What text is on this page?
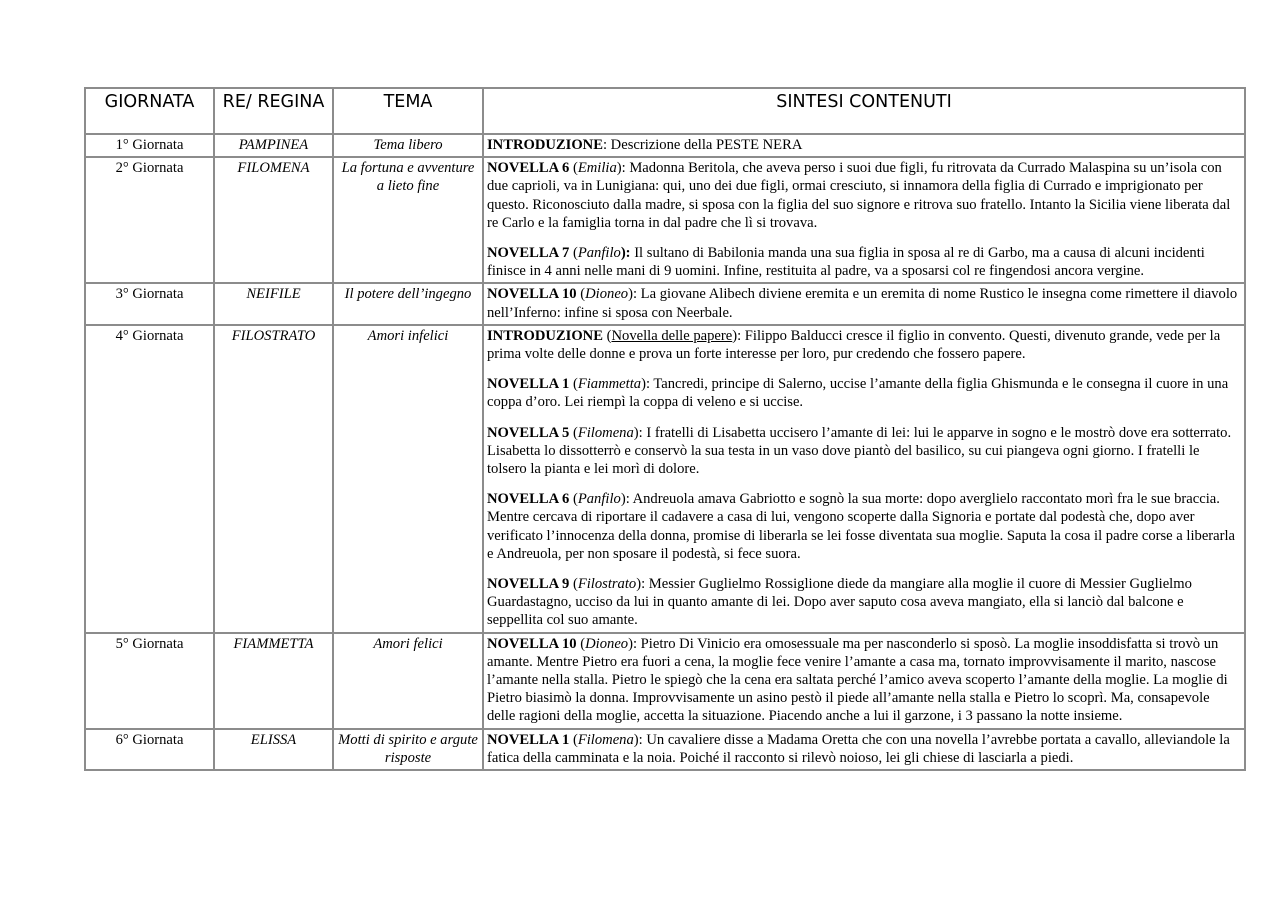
GIORNATA	RE/ REGINA	TEMA	SINTESI CONTENUTI
1° Giornata	PAMPINEA	Tema libero	INTRODUZIONE: Descrizione della PESTE NERA

2° Giornata	FILOMENA	La fortuna e avventure a lieto fine	NOVELLA 6 (Emilia): Madonna Beritola, che aveva perso i suoi due figli, fu ritrovata da Currado Malaspina su un’isola con due caprioli, va in Lunigiana: qui, uno dei due figli, ormai cresciuto, si innamora della figlia di Currado e imprigionato per questo. Riconosciuto dalla madre, si sposa con la figlia del suo signore e ritrova suo fratello. Intanto la Sicilia viene liberata dal re Carlo e la famiglia torna in dal padre che lì si trovava.
NOVELLA 7 (Panfilo): Il sultano di Babilonia manda una sua figlia in sposa al re di Garbo, ma a causa di alcuni incidenti finisce in 4 anni nelle mani di 9 uomini. Infine, restituita al padre, va a sposarsi col re fingendosi ancora vergine.

3° Giornata	NEIFILE	Il potere dell’ingegno	NOVELLA 10 (Dioneo): La giovane Alibech diviene eremita e un eremita di nome Rustico le insegna come rimettere il diavolo nell’Inferno: infine si sposa con Neerbale.

4° Giornata	FILOSTRATO	Amori infelici	INTRODUZIONE (Novella delle papere): Filippo Balducci cresce il figlio in convento. Questi, divenuto grande, vede per la prima volte delle donne e prova un forte interesse per loro, pur credendo che fossero papere.
NOVELLA 1 (Fiammetta): Tancredi, principe di Salerno, uccise l’amante della figlia Ghismunda e le consegna il cuore in una coppa d’oro. Lei riempì la coppa di veleno e si uccise.
NOVELLA 5 (Filomena): I fratelli di Lisabetta uccisero l’amante di lei: lui le apparve in sogno e le mostrò dove era sotterrato. Lisabetta lo dissotterrò e conservò la sua testa in un vaso dove piantò del basilico, su cui piangeva ogni giorno. I fratelli le tolsero la pianta e lei morì di dolore.
NOVELLA 6 (Panfilo): Andreuola amava Gabriotto e sognò la sua morte: dopo averglielo raccontato morì fra le sue braccia. Mentre cercava di riportare il cadavere a casa di lui, vengono scoperte dalla Signoria e portate dal podestà che, dopo aver verificato l’innocenza della donna, promise di liberarla se lei fosse diventata sua moglie. Saputa la cosa il padre corse a liberarla e Andreuola, per non sposare il podestà, si fece suora.
NOVELLA 9 (Filostrato): Messier Guglielmo Rossiglione diede da mangiare alla moglie il cuore di Messier Guglielmo Guardastagno, ucciso da lui in quanto amante di lei. Dopo aver saputo cosa aveva mangiato, ella si lanciò dal balcone e seppellita col suo amante.

5° Giornata	FIAMMETTA	Amori felici	NOVELLA 10 (Dioneo): Pietro Di Vinicio era omosessuale ma per nasconderlo si sposò. La moglie insoddisfatta si trovò un amante. Mentre Pietro era fuori a cena, la moglie fece venire l’amante a casa ma, tornato improvvisamente il marito, nascose l’amante nella stalla. Pietro le spiegò che la cena era saltata perché l’amico aveva scoperto l’amante della moglie. La moglie di Pietro biasimò la donna. Improvvisamente un asino pestò il piede all’amante nella stalla e Pietro lo scoprì. Ma, consapevole delle ragioni della moglie, accetta la situazione. Piacendo anche a lui il garzone, i 3 passano la notte insieme.

6° Giornata	ELISSA	Motti di spirito e argute risposte	NOVELLA 1 (Filomena): Un cavaliere disse a Madama Oretta che con una novella l’avrebbe portata a cavallo, alleviandole la fatica della camminata e la noia. Poiché il racconto si rilevò noioso, lei gli chiese di lasciarla a piedi.
